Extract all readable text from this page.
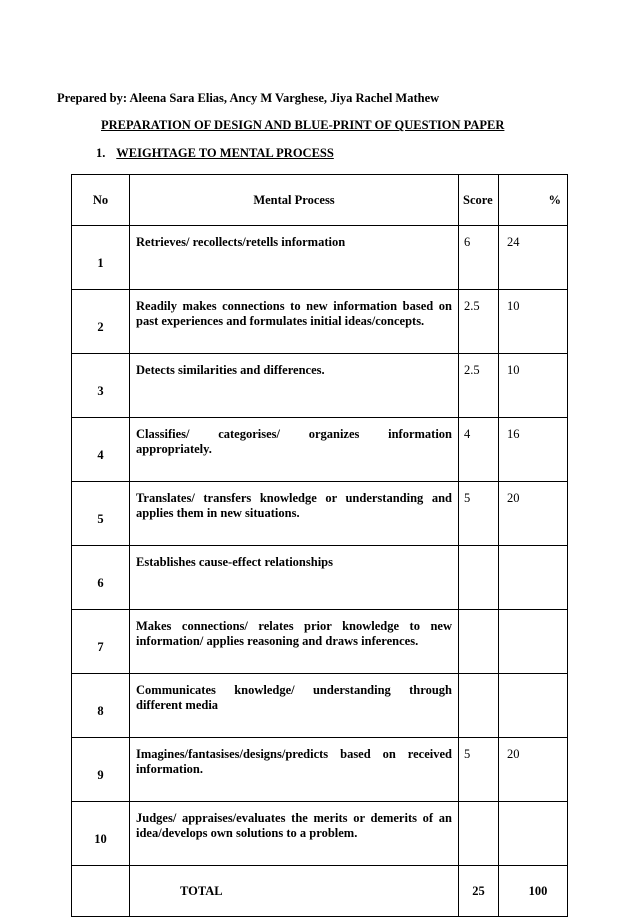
Prepared by: Aleena Sara Elias, Ancy M Varghese, Jiya Rachel Mathew
PREPARATION OF DESIGN AND BLUE-PRINT OF QUESTION PAPER
1. WEIGHTAGE TO MENTAL PROCESS
No	Mental Process	Score	%
1	Retrieves/ recollects/retells information	6	24
2	Readily makes connections to new information based on past experiences and formulates initial ideas/concepts.	2.5	10
3	Detects similarities and differences.	2.5	10
4	Classifies/ categorises/ organizes information appropriately.	4	16
5	Translates/ transfers knowledge or understanding and applies them in new situations.	5	20
6	Establishes cause-effect relationships		
7	Makes connections/ relates prior knowledge to new information/ applies reasoning and draws inferences.		
8	Communicates knowledge/ understanding through different media		
9	Imagines/fantasises/designs/predicts based on received information.	5	20
10	Judges/ appraises/evaluates the merits or demerits of an idea/develops own solutions to a problem.		
	TOTAL	25	100
